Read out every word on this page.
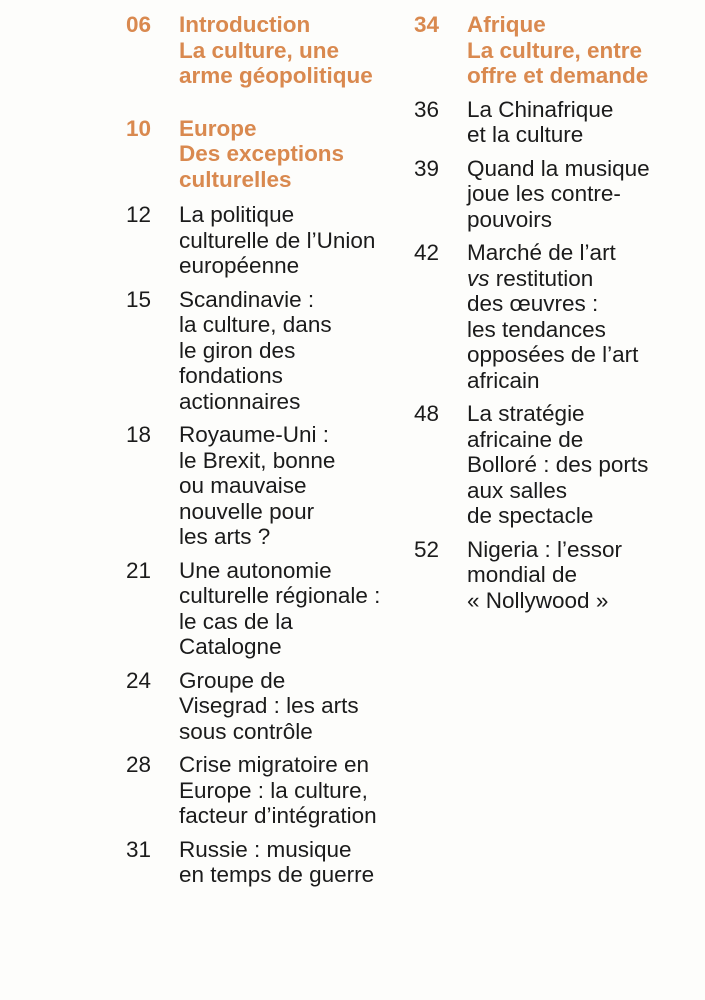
06	Introduction
La culture, une
arme géopolitique
10	Europe
Des exceptions
culturelles
12	La politique
culturelle de l’Union
européenne
15	Scandinavie :
la culture, dans
le giron des
fondations
actionnaires
18	Royaume-Uni :
le Brexit, bonne
ou mauvaise
nouvelle pour
les arts ?
21	Une autonomie
culturelle régionale :
le cas de la
Catalogne
24	Groupe de
Visegrad : les arts
sous contrôle
28	Crise migratoire en
Europe : la culture,
facteur d’intégration
31	Russie : musique
en temps de guerre
34	Afrique
La culture, entre
offre et demande
36	La Chinafrique
et la culture
39	Quand la musique
joue les contre-
pouvoirs
42	Marché de l’art
vs restitution
des œuvres :
les tendances
opposées de l’art
africain
48	La stratégie
africaine de
Bolloré : des ports
aux salles
de spectacle
52	Nigeria : l’essor
mondial de
« Nollywood »
